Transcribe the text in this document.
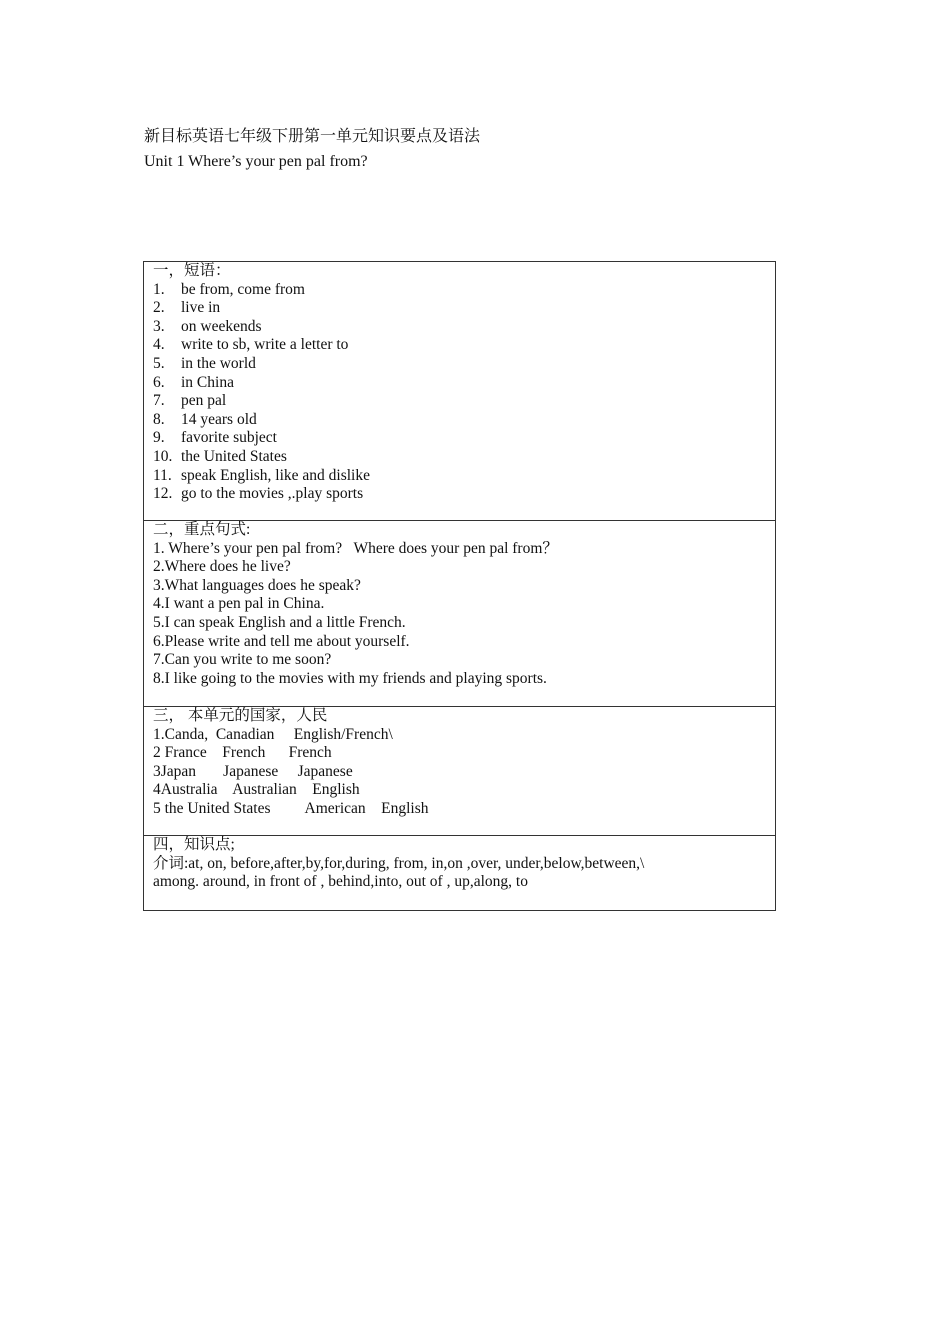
新目标英语七年级下册第一单元知识要点及语法
Unit 1 Where’s your pen pal from?
一，短语：
1.	be from, come from
2.	live in
3.	on weekends
4.	write to sb, write a letter to
5.	in the world
6.	in China
7.	pen pal
8.	14 years old
9.	favorite subject
10. the United States
11. speak English, like and dislike
12. go to the movies ,.play sports

二，重点句式:
1. Where’s your pen pal from?   Where does your pen pal from？
2.Where does he live?
3.What languages does he speak?
4.I want a pen pal in China.
5.I can speak English and a little French.
6.Please write and tell me about yourself.
7.Can you write to me soon?
8.I like going to the movies with my friends and playing sports.

三， 本单元的国家，人民
1.Canda,  Canadian     English/French\
2 France    French      French
3Japan       Japanese     Japanese
4Australia    Australian    English
5 the United States         American    English

四，知识点;
介词:at, on, before,after,by,for,during, from, in,on ,over, under,below,between,\
among. around, in front of , behind,into, out of , up,along, to
